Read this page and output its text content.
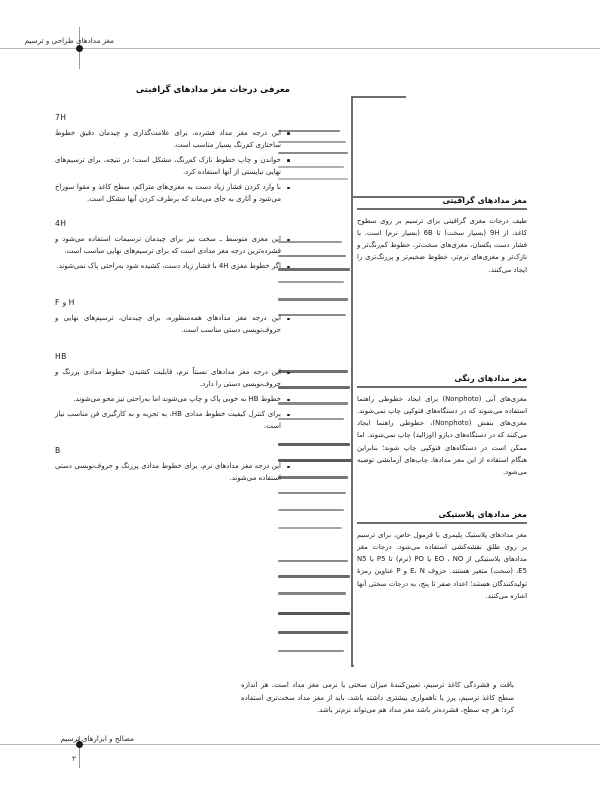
مغز مدادهای طراحی و ترسیم
معرفی درجات مغز مدادهای گرافیتی
7H
این درجه مغز مداد فشرده، برای علامت‌گذاری و چیدمان دقیق خطوط ساختاری کم‌رنگ بسیار مناسب است.
خواندن و چاپ خطوط نازک کم‌رنگ، مشکل است؛ در نتیجه، برای ترسیم‌های نهایی نبایستی از آنها استفاده کرد.
با وارد کردن فشار زیاد دست به مغزی‌های متراکم، سطح کاغذ و مقوا سوراخ می‌شود و آثاری به جای می‌ماند که برطرف کردن آنها مشکل است.
4H
این مغزی متوسط ـ سخت نیز برای چیدمان ترسیمات استفاده می‌شود و فشرده‌ترین درجه مغز مدادی است که برای ترسیم‌های نهایی مناسب است.
اگر خطوط مغزی 4H با فشار زیاد دست، کشیده شود به‌راحتی پاک نمی‌شوند.
F و H
این درجه مغز مدادهای همه‌منظوره، برای چیدمان، ترسیم‌های نهایی و حروف‌نویسی دستی مناسب است.
HB
این درجه مغز مدادهای نسبتاً نرم، قابلیت کشیدن خطوط مدادی پررنگ و حروف‌نویسی دستی را دارد.
خطوط HB به خوبی پاک و چاپ می‌شوند اما به‌راحتی نیز محو می‌شوند.
برای کنترل کیفیت خطوط مدادی HB، به تجربه و به کارگیری فن مناسب نیاز است.
B
این درجه مغز مدادهای نرم، برای خطوط مدادی پررنگ و حروف‌نویسی دستی استفاده می‌شوند.
بافت و فشردگی کاغذ ترسیم، تعیین‌کنندهٔ میزان سختی یا نرمی مغز مداد است. هر اندازه سطح کاغذ ترسیم، پرز یا ناهمواری بیشتری داشته باشد، باید از مغز مداد سخت‌تری استفاده کرد؛ هر چه سطح، فشرده‌تر باشد مغز مداد هم می‌تواند نرم‌تر باشد.
مصالح و ابزارهای ترسیم
٣
مغز مدادهای گرافیتی
طیف درجات مغزی گرافیتی برای ترسیم بر روی سطوح کاغذ، از 9H (بسیار سخت) تا 6B (بسیار نرم) است. با فشار دست یکسان، مغزی‌های سخت‌تر، خطوط کم‌رنگ‌تر و نازک‌تر و مغزی‌های نرم‌تر، خطوط ضخیم‌تر و پررنگ‌تری را ایجاد می‌کنند.
مغز مدادهای رنگی
مغزی‌های آبی (Nonphoto) برای ایجاد خطوطی راهنما استفاده می‌شوند که در دستگاه‌های فتوکپی چاپ نمی‌شوند. مغزی‌های بنفش (Nonphoto)، خطوطی راهنما ایجاد می‌کنند که در دستگاه‌های دیازو (اوزالید) چاپ نمی‌شوند. اما ممکن است در دستگاه‌های فتوکپی چاپ شوند؛ بنابراین هنگام استفاده از این مغز مدادها، چاپ‌های آزمایشی توصیه می‌شود.
مغز مدادهای پلاستیکی
مغز مدادهای پلاستیک پلیمری با فرمول خاص، برای ترسیم بر روی طلق نقشه‌کشی استفاده می‌شود. درجات مغز مدادهای پلاستیکی از EO ، NO یا PO (نرم) تا P5 یا N5 ،E5 (سخت) متغیر هستند. حروف E، N و P عناوین رمزهٔ تولیدکنندگان هستند؛ اعداد صفر تا پنج، به درجات سختی آنها اشاره می‌کنند.
